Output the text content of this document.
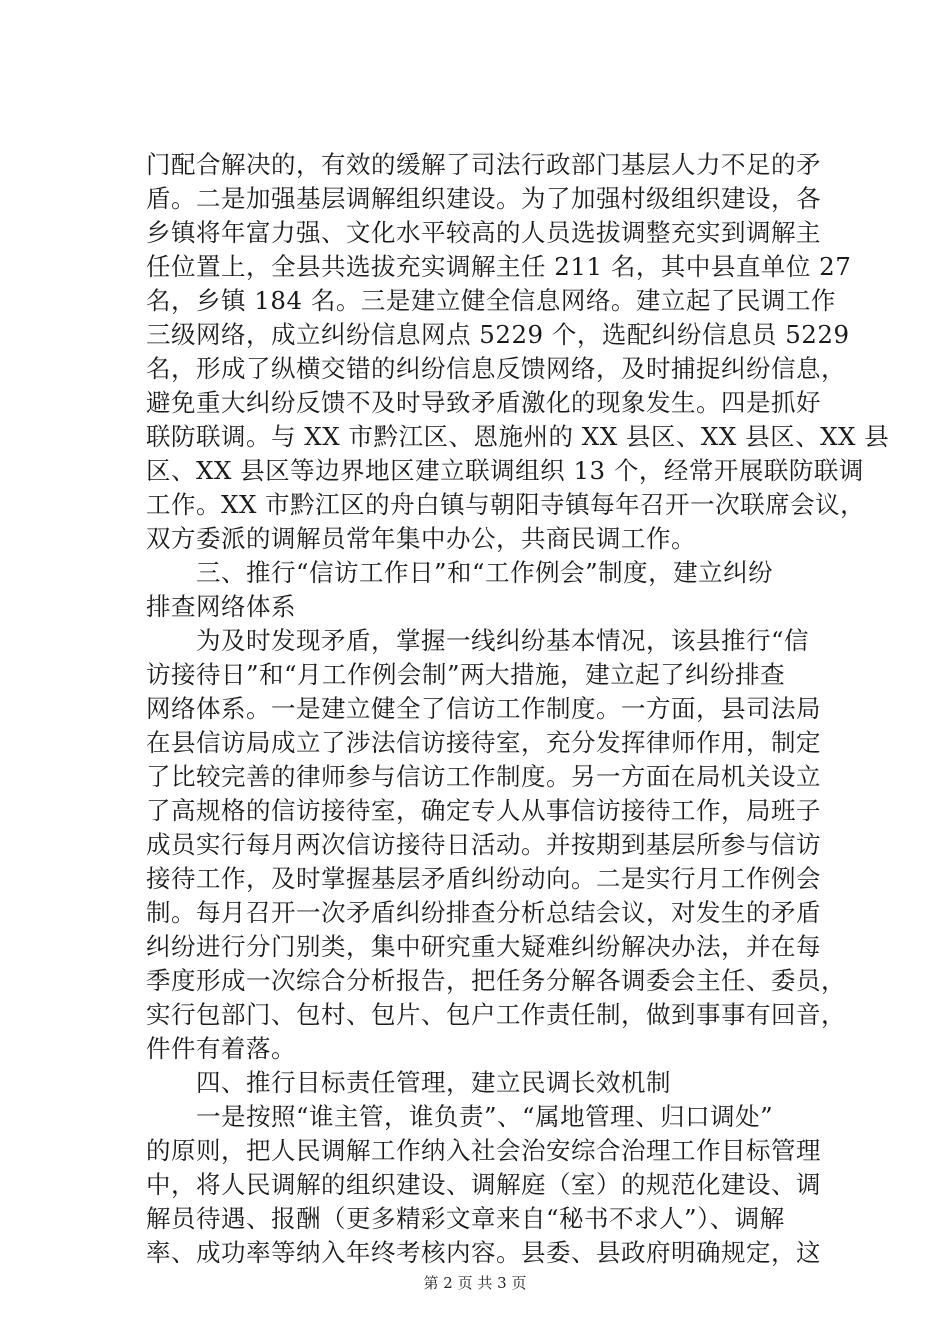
门配合解决的，有效的缓解了司法行政部门基层人力不足的矛
盾。二是加强基层调解组织建设。为了加强村级组织建设，各
乡镇将年富力强、文化水平较高的人员选拔调整充实到调解主
任位置上，全县共选拔充实调解主任 211 名，其中县直单位 27
名，乡镇 184 名。三是建立健全信息网络。建立起了民调工作
三级网络，成立纠纷信息网点 5229 个，选配纠纷信息员 5229
名，形成了纵横交错的纠纷信息反馈网络，及时捕捉纠纷信息，
避免重大纠纷反馈不及时导致矛盾激化的现象发生。四是抓好
联防联调。与 XX 市黔江区、恩施州的 XX 县区、XX 县区、XX 县
区、XX 县区等边界地区建立联调组织 13 个，经常开展联防联调
工作。XX 市黔江区的舟白镇与朝阳寺镇每年召开一次联席会议，
双方委派的调解员常年集中办公，共商民调工作。
　　三、推行“信访工作日”和“工作例会”制度，建立纠纷
排查网络体系
　　为及时发现矛盾，掌握一线纠纷基本情况，该县推行“信
访接待日”和“月工作例会制”两大措施，建立起了纠纷排查
网络体系。一是建立健全了信访工作制度。一方面，县司法局
在县信访局成立了涉法信访接待室，充分发挥律师作用，制定
了比较完善的律师参与信访工作制度。另一方面在局机关设立
了高规格的信访接待室，确定专人从事信访接待工作，局班子
成员实行每月两次信访接待日活动。并按期到基层所参与信访
接待工作，及时掌握基层矛盾纠纷动向。二是实行月工作例会
制。每月召开一次矛盾纠纷排查分析总结会议，对发生的矛盾
纠纷进行分门别类，集中研究重大疑难纠纷解决办法，并在每
季度形成一次综合分析报告，把任务分解各调委会主任、委员，
实行包部门、包村、包片、包户工作责任制，做到事事有回音，
件件有着落。
　　四、推行目标责任管理，建立民调长效机制
　　一是按照“谁主管，谁负责”、“属地管理、归口调处”
的原则，把人民调解工作纳入社会治安综合治理工作目标管理
中，将人民调解的组织建设、调解庭（室）的规范化建设、调
解员待遇、报酬（更多精彩文章来自“秘书不求人”）、调解
率、成功率等纳入年终考核内容。县委、县政府明确规定，这
第 2 页 共 3 页
